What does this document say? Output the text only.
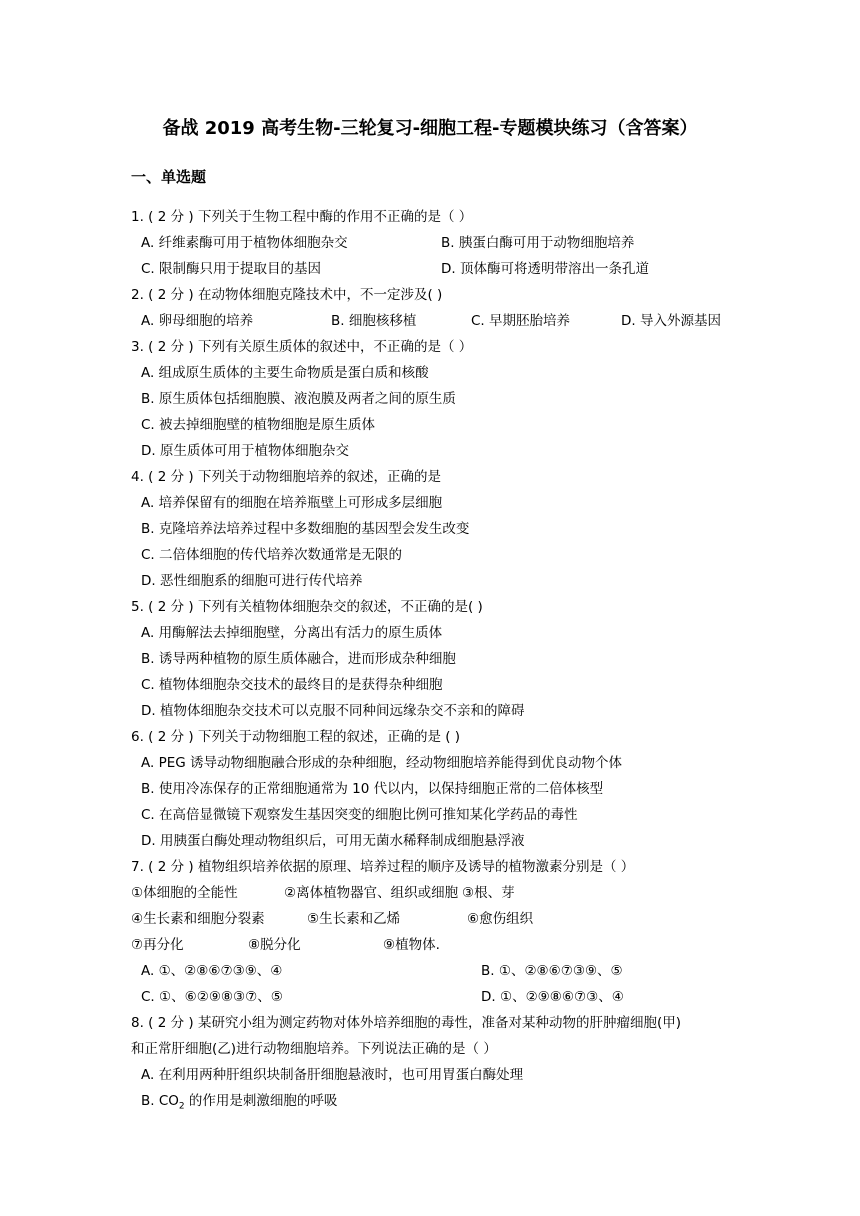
备战 2019 高考生物-三轮复习-细胞工程-专题模块练习（含答案）
一、单选题
1. ( 2 分 ) 下列关于生物工程中酶的作用不正确的是（ ）
A. 纤维素酶可用于植物体细胞杂交	B. 胰蛋白酶可用于动物细胞培养
C. 限制酶只用于提取目的基因	D. 顶体酶可将透明带溶出一条孔道
2. ( 2 分 ) 在动物体细胞克隆技术中，不一定涉及( )
A. 卵母细胞的培养	B. 细胞核移植	C. 早期胚胎培养	D. 导入外源基因
3. ( 2 分 ) 下列有关原生质体的叙述中，不正确的是（ ）
A. 组成原生质体的主要生命物质是蛋白质和核酸
B. 原生质体包括细胞膜、液泡膜及两者之间的原生质
C. 被去掉细胞壁的植物细胞是原生质体
D. 原生质体可用于植物体细胞杂交
4. ( 2 分 ) 下列关于动物细胞培养的叙述，正确的是
A. 培养保留有的细胞在培养瓶壁上可形成多层细胞
B. 克隆培养法培养过程中多数细胞的基因型会发生改变
C. 二倍体细胞的传代培养次数通常是无限的
D. 恶性细胞系的细胞可进行传代培养
5. ( 2 分 ) 下列有关植物体细胞杂交的叙述，不正确的是( )
A. 用酶解法去掉细胞壁，分离出有活力的原生质体
B. 诱导两种植物的原生质体融合，进而形成杂种细胞
C. 植物体细胞杂交技术的最终目的是获得杂种细胞
D. 植物体细胞杂交技术可以克服不同种间远缘杂交不亲和的障碍
6. ( 2 分 ) 下列关于动物细胞工程的叙述，正确的是 ( )
A. PEG 诱导动物细胞融合形成的杂种细胞，经动物细胞培养能得到优良动物个体
B. 使用冷冻保存的正常细胞通常为 10 代以内，以保持细胞正常的二倍体核型
C. 在高倍显微镜下观察发生基因突变的细胞比例可推知某化学药品的毒性
D. 用胰蛋白酶处理动物组织后，可用无菌水稀释制成细胞悬浮液
7. ( 2 分 ) 植物组织培养依据的原理、培养过程的顺序及诱导的植物激素分别是（ ）
①体细胞的全能性	②离体植物器官、组织或细胞 ③根、芽
④生长素和细胞分裂素	⑤生长素和乙烯	⑥愈伤组织
⑦再分化	⑧脱分化	⑨植物体.
A. ①、②⑧⑥⑦③⑨、④	B. ①、②⑧⑥⑦③⑨、⑤
C. ①、⑥②⑨⑧③⑦、⑤	D. ①、②⑨⑧⑥⑦③、④
8. ( 2 分 ) 某研究小组为测定药物对体外培养细胞的毒性，准备对某种动物的肝肿瘤细胞(甲)
和正常肝细胞(乙)进行动物细胞培养。下列说法正确的是（ ）
A. 在利用两种肝组织块制备肝细胞悬液时，也可用胃蛋白酶处理
B. $CO_2$ 的作用是刺激细胞的呼吸
